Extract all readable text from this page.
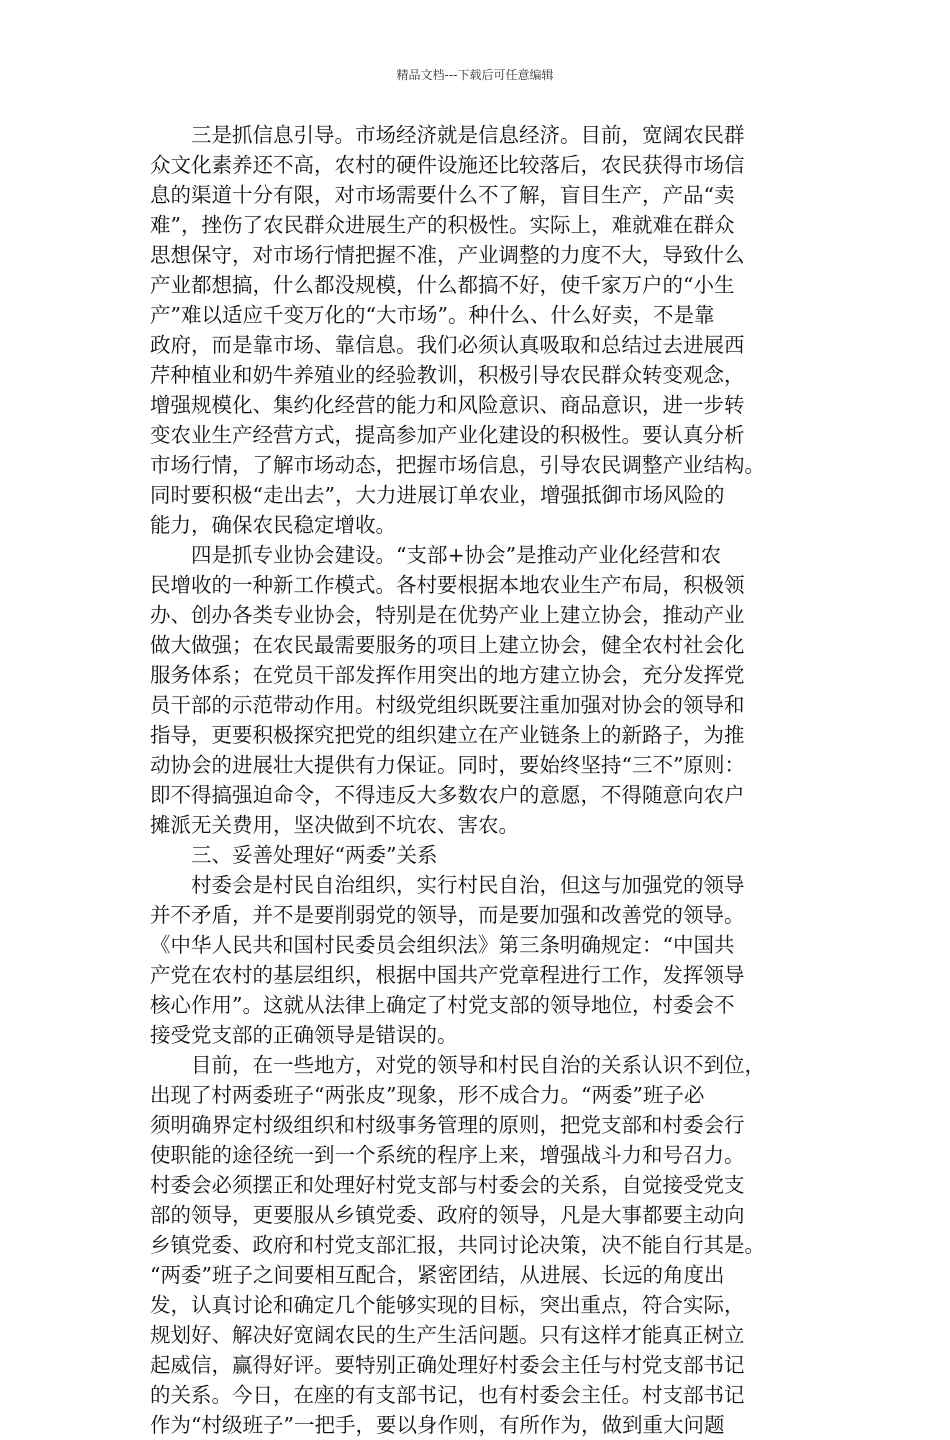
精品文档---下载后可任意编辑
　　三是抓信息引导。市场经济就是信息经济。目前，宽阔农民群
众文化素养还不高，农村的硬件设施还比较落后，农民获得市场信
息的渠道十分有限，对市场需要什么不了解，盲目生产，产品“卖
难”，挫伤了农民群众进展生产的积极性。实际上，难就难在群众
思想保守，对市场行情把握不准，产业调整的力度不大，导致什么
产业都想搞，什么都没规模，什么都搞不好，使千家万户的“小生
产”难以适应千变万化的“大市场”。种什么、什么好卖，不是靠
政府，而是靠市场、靠信息。我们必须认真吸取和总结过去进展西
芹种植业和奶牛养殖业的经验教训，积极引导农民群众转变观念，
增强规模化、集约化经营的能力和风险意识、商品意识，进一步转
变农业生产经营方式，提高参加产业化建设的积极性。要认真分析
市场行情，了解市场动态，把握市场信息，引导农民调整产业结构。
同时要积极“走出去”，大力进展订单农业，增强抵御市场风险的
能力，确保农民稳定增收。
　　四是抓专业协会建设。“支部+协会”是推动产业化经营和农
民增收的一种新工作模式。各村要根据本地农业生产布局，积极领
办、创办各类专业协会，特别是在优势产业上建立协会，推动产业
做大做强；在农民最需要服务的项目上建立协会，健全农村社会化
服务体系；在党员干部发挥作用突出的地方建立协会，充分发挥党
员干部的示范带动作用。村级党组织既要注重加强对协会的领导和
指导，更要积极探究把党的组织建立在产业链条上的新路子，为推
动协会的进展壮大提供有力保证。同时，要始终坚持“三不”原则：
即不得搞强迫命令，不得违反大多数农户的意愿，不得随意向农户
摊派无关费用，坚决做到不坑农、害农。
　　三、妥善处理好“两委”关系
　　村委会是村民自治组织，实行村民自治，但这与加强党的领导
并不矛盾，并不是要削弱党的领导，而是要加强和改善党的领导。
《中华人民共和国村民委员会组织法》第三条明确规定：“中国共
产党在农村的基层组织，根据中国共产党章程进行工作，发挥领导
核心作用”。这就从法律上确定了村党支部的领导地位，村委会不
接受党支部的正确领导是错误的。
　　目前，在一些地方，对党的领导和村民自治的关系认识不到位，
出现了村两委班子“两张皮”现象，形不成合力。“两委”班子必
须明确界定村级组织和村级事务管理的原则，把党支部和村委会行
使职能的途径统一到一个系统的程序上来，增强战斗力和号召力。
村委会必须摆正和处理好村党支部与村委会的关系，自觉接受党支
部的领导，更要服从乡镇党委、政府的领导，凡是大事都要主动向
乡镇党委、政府和村党支部汇报，共同讨论决策，决不能自行其是。
“两委”班子之间要相互配合，紧密团结，从进展、长远的角度出
发，认真讨论和确定几个能够实现的目标，突出重点，符合实际，
规划好、解决好宽阔农民的生产生活问题。只有这样才能真正树立
起威信，赢得好评。要特别正确处理好村委会主任与村党支部书记
的关系。今日，在座的有支部书记，也有村委会主任。村支部书记
作为“村级班子”一把手，要以身作则，有所作为，做到重大问题
